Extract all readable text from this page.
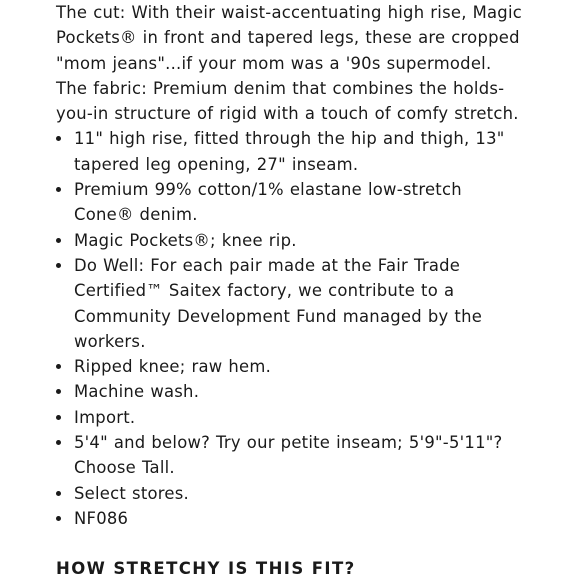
The cut: With their waist-accentuating high rise, Magic Pockets® in front and tapered legs, these are cropped "mom jeans"...if your mom was a '90s supermodel. The fabric: Premium denim that combines the holds-you-in structure of rigid with a touch of comfy stretch.

11" high rise, fitted through the hip and thigh, 13" tapered leg opening, 27" inseam.
Premium 99% cotton/1% elastane low-stretch Cone® denim.
Magic Pockets®; knee rip.
Do Well: For each pair made at the Fair Trade Certified™ Saitex factory, we contribute to a Community Development Fund managed by the workers.
Ripped knee; raw hem.
Machine wash.
Import.
5'4" and below? Try our petite inseam; 5'9"-5'11"? Choose Tall.
Select stores.
NF086
HOW STRETCHY IS THIS FIT?
